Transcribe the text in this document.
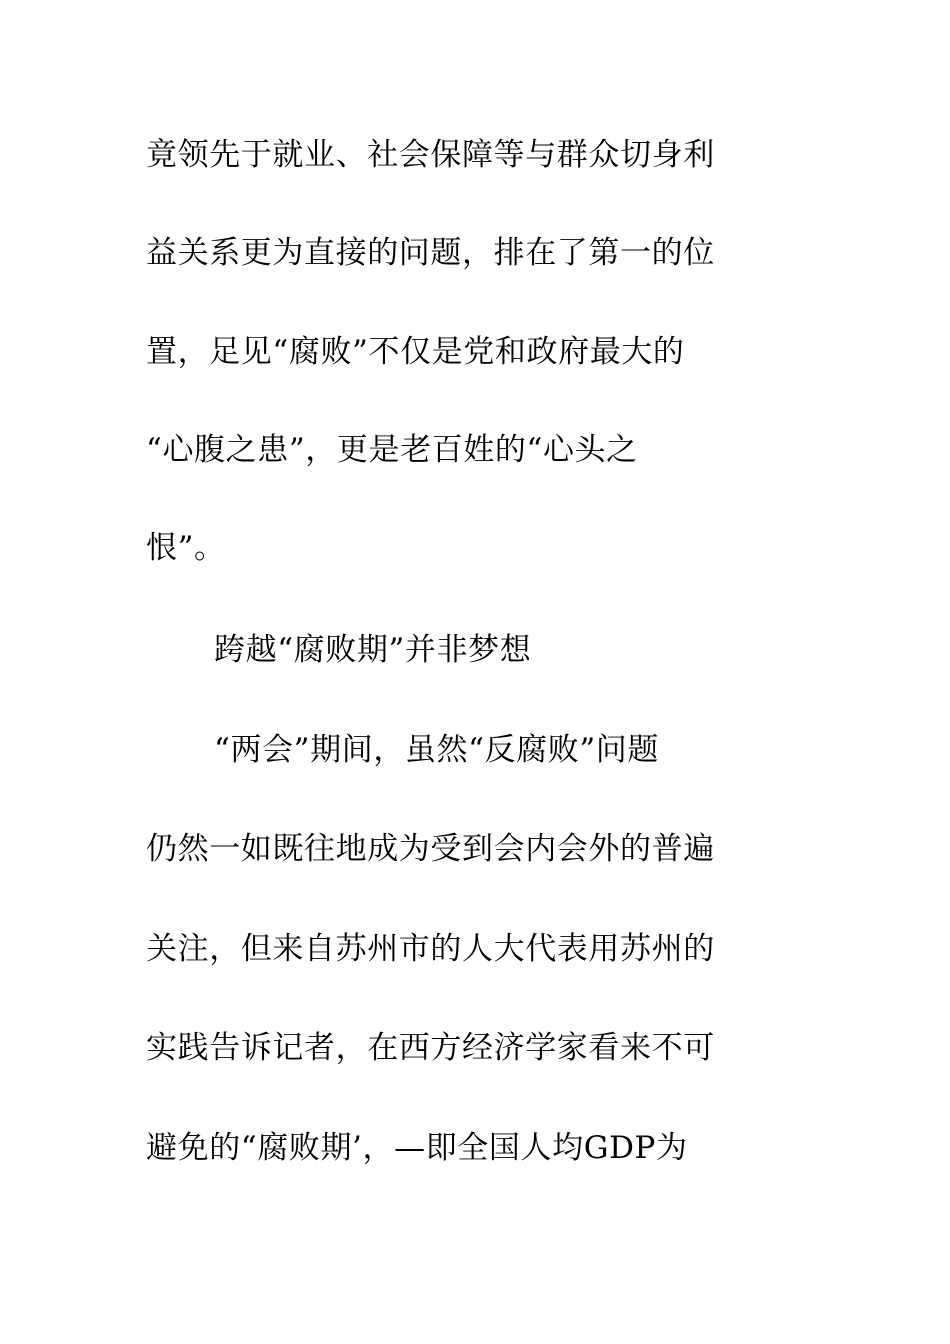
竟领先于就业、社会保障等与群众切身利
益关系更为直接的问题，排在了第一的位
置，足见“腐败”不仅是党和政府最大的
“心腹之患”，更是老百姓的“心头之
恨”。
跨越“腐败期”并非梦想
“两会”期间，虽然“反腐败”问题
仍然一如既往地成为受到会内会外的普遍
关注，但来自苏州市的人大代表用苏州的
实践告诉记者，在西方经济学家看来不可
避免的“腐败期’，—即全国人均GDP为
